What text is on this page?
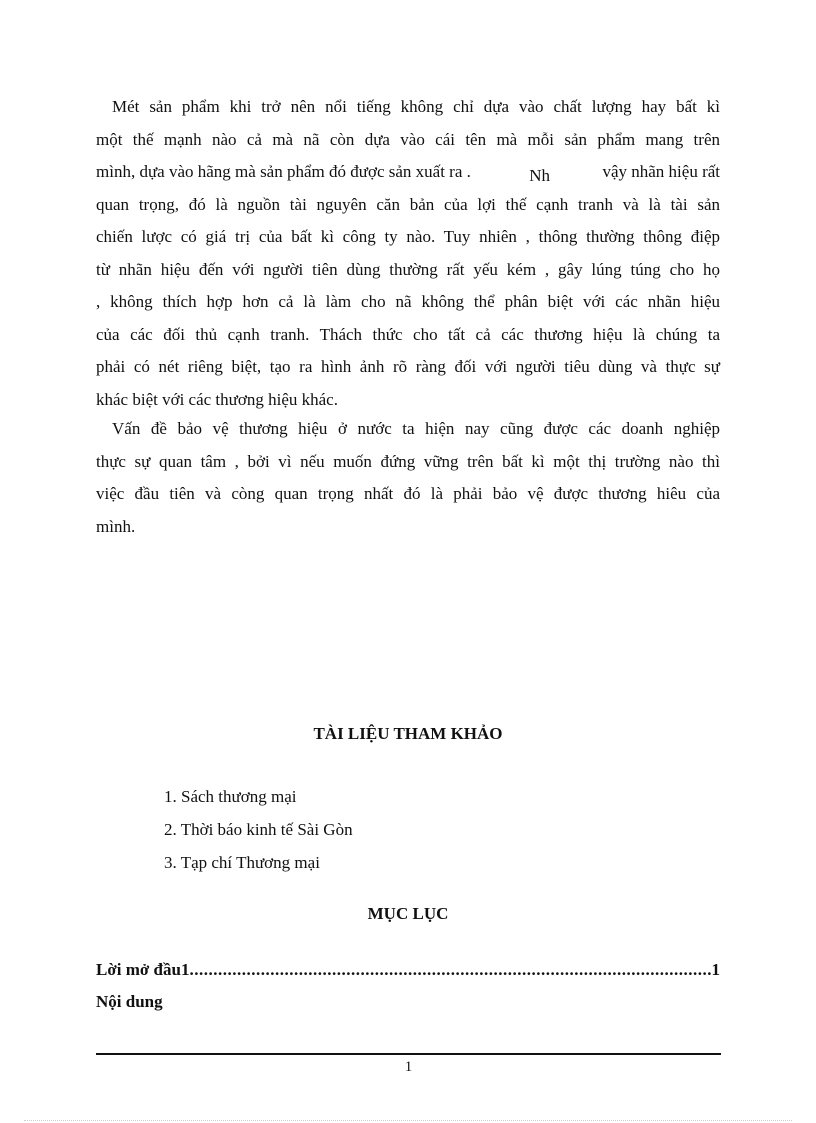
Mét sản phẩm khi trở nên nổi tiếng không chỉ dựa vào chất lượng hay bất kì
một thế mạnh nào cả mà nã còn dựa vào cái tên mà mỗi sản phẩm mang trên
mình, dựa vào hãng mà sản phẩm đó được sản xuất ra .	Nh	vậy nhãn hiệu rất
quan trọng, đó là nguồn tài nguyên căn bản của lợi thế cạnh tranh và là tài sản
chiến lược có giá trị của bất kì công ty nào. Tuy nhiên , thông thường thông điệp
từ nhãn hiệu đến với người tiên dùng thường rất yếu kém , gây lúng túng cho họ
, không thích hợp hơn cả là làm cho nã không thể phân biệt với các nhãn hiệu
của các đối thủ cạnh tranh. Thách thức cho tất cả các thương hiệu là chúng ta
phải có nét riêng biệt, tạo ra hình ảnh rõ ràng đối với người tiêu dùng và thực sự
khác biệt với các thương hiệu khác.
Vấn đề bảo vệ thương hiệu ở nước ta hiện nay cũng được các doanh nghiệp
thực sự quan tâm , bởi vì nếu muốn đứng vững trên bất kì một thị trường nào thì
việc đầu tiên và còng quan trọng nhất đó là phải bảo vệ được thương hiêu của
mình.
TÀI LIỆU THAM KHẢO
1. Sách thương mại
2. Thời báo kinh tế Sài Gòn
3. Tạp chí Thương mại
MỤC LỤC
Lời mở đầu1
.....	1
Nội dung
1
